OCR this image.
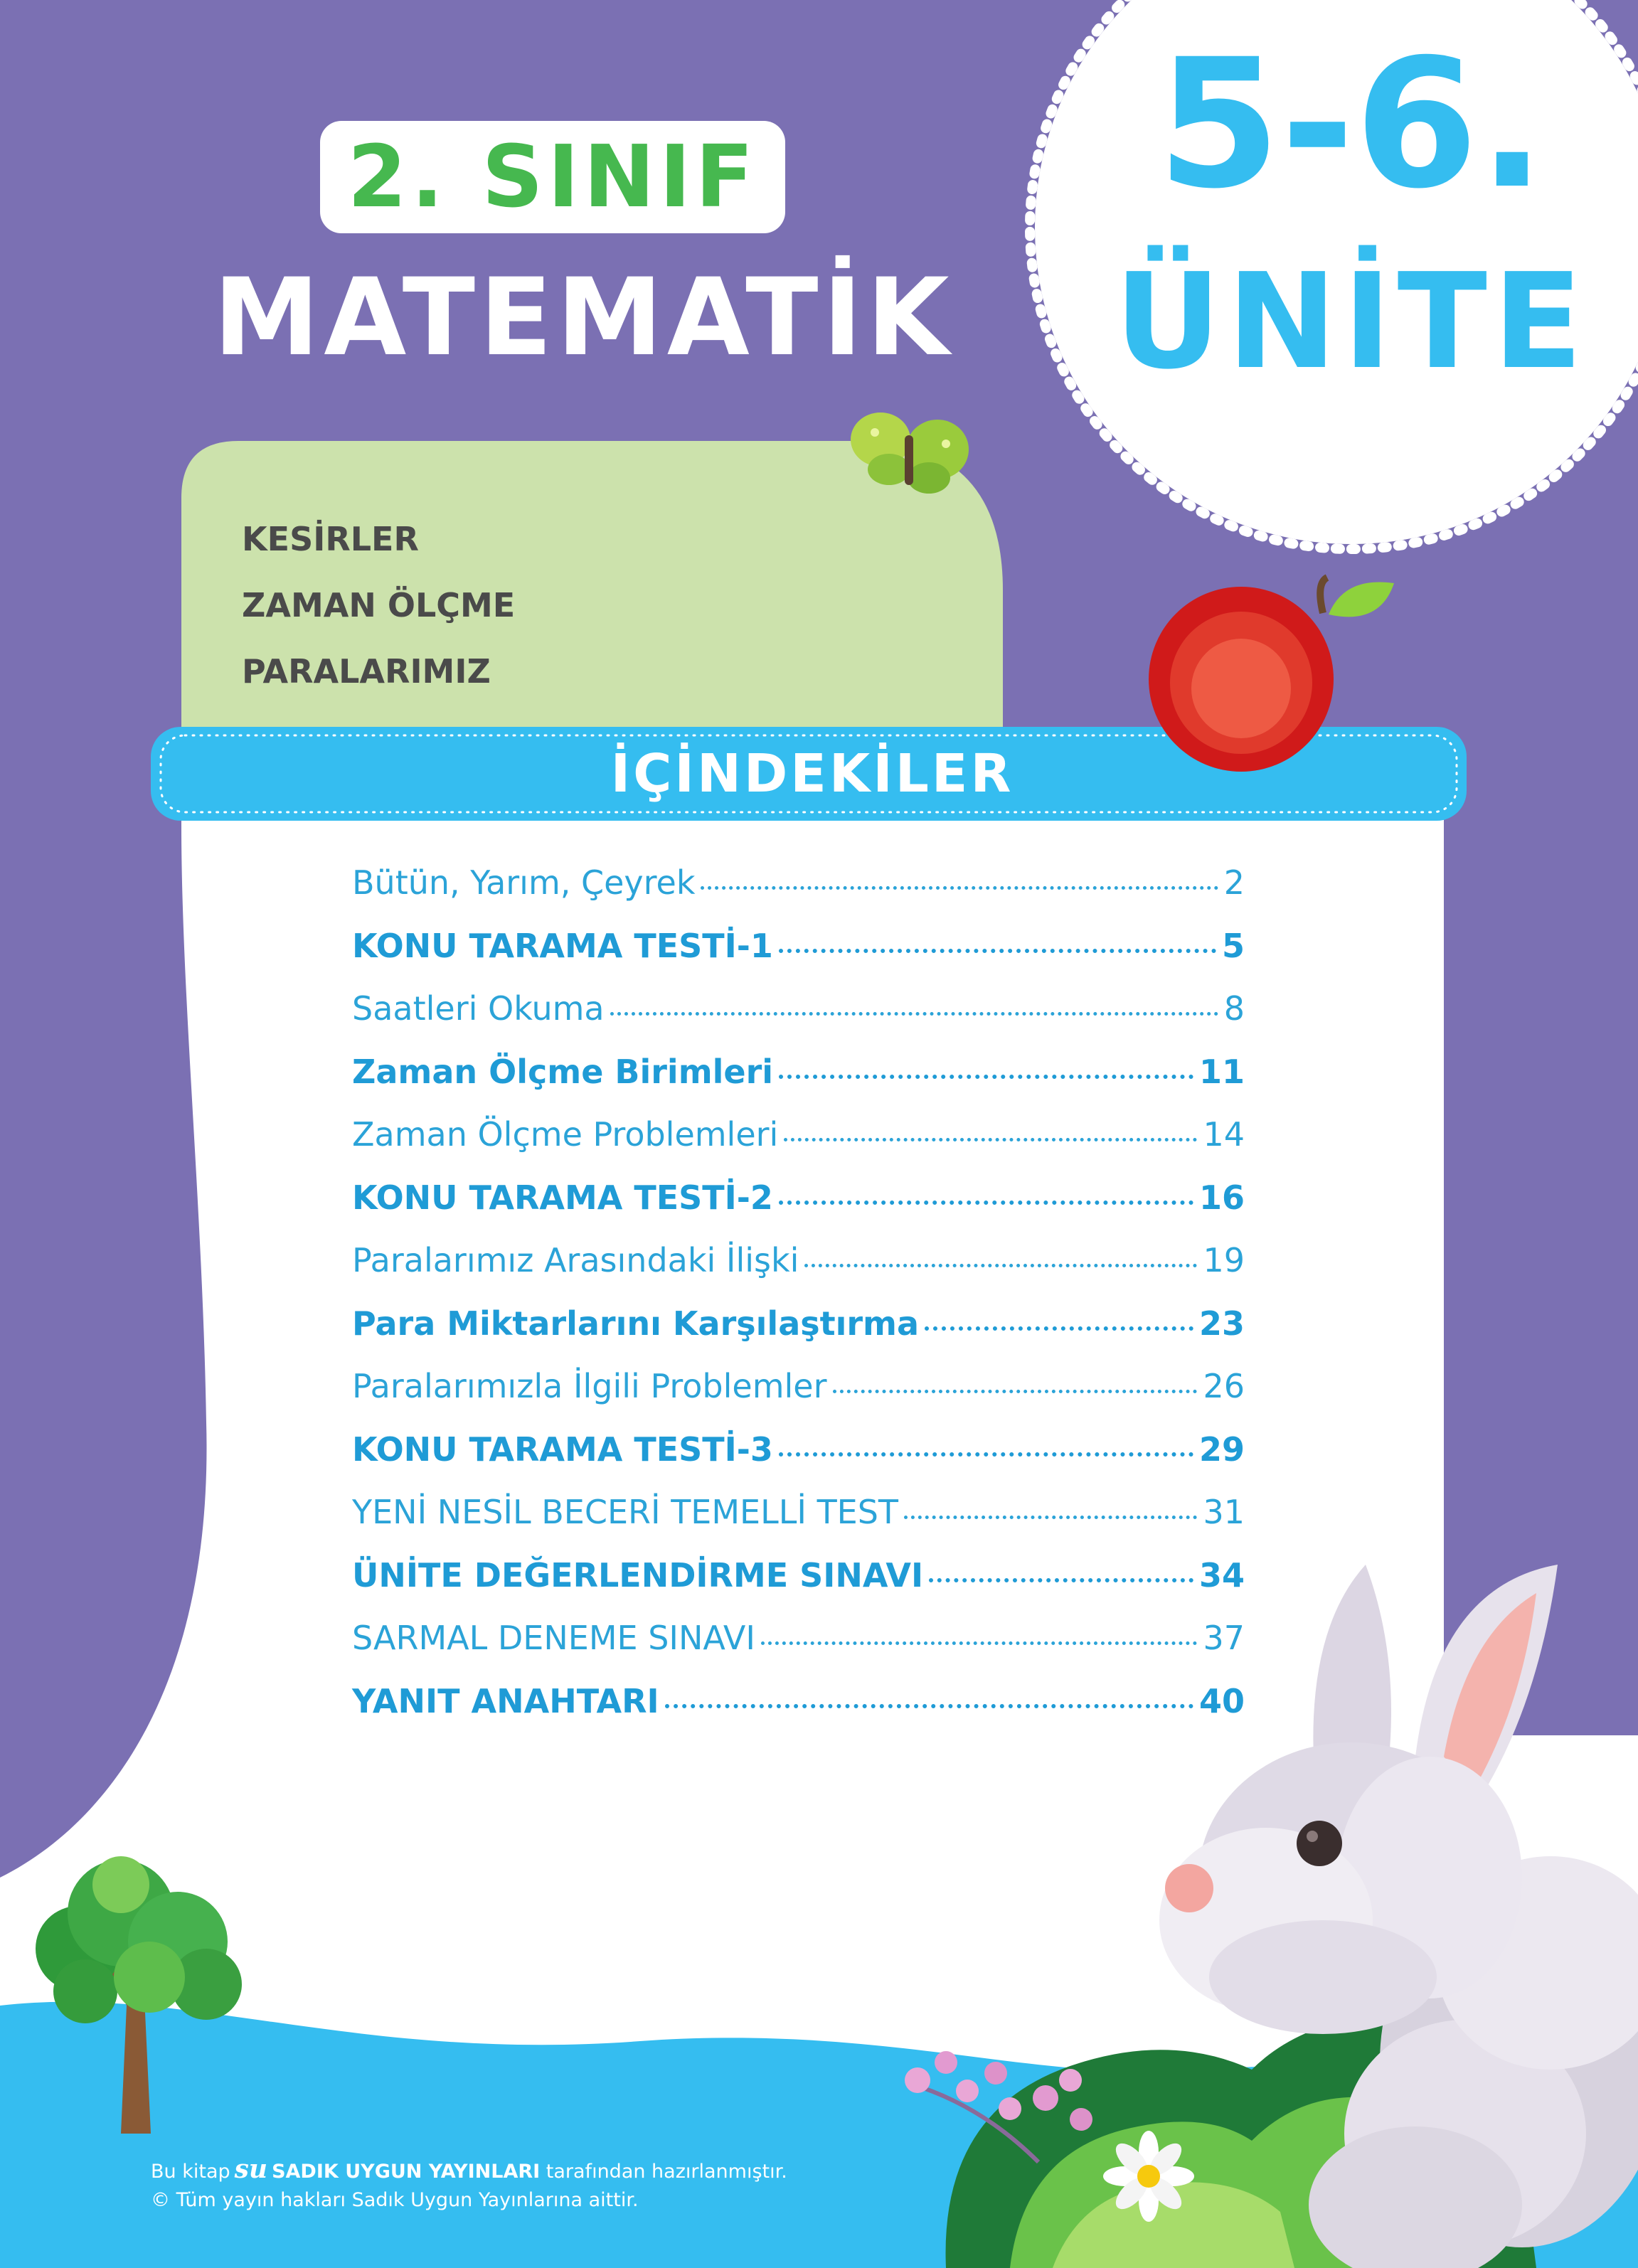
2. SINIF
MATEMATİK
5-6.
ÜNİTE
KESİRLER
ZAMAN ÖLÇME
PARALARIMIZ
İÇİNDEKİLER
Bütün, Yarım, Çeyrek	2
KONU TARAMA TESTİ-1	5
Saatleri Okuma	8
Zaman Ölçme Birimleri	11
Zaman Ölçme Problemleri	14
KONU TARAMA TESTİ-2	16
Paralarımız Arasındaki İlişki	19
Para Miktarlarını Karşılaştırma	23
Paralarımızla İlgili Problemler	26
KONU TARAMA TESTİ-3	29
YENİ NESİL BECERİ TEMELLİ TEST	31
ÜNİTE DEĞERLENDİRME SINAVI	34
SARMAL DENEME SINAVI	37
YANIT ANAHTARI	40
Bu kitap su SADIK UYGUN YAYINLARI tarafından hazırlanmıştır.
© Tüm yayın hakları Sadık Uygun Yayınlarına aittir.
